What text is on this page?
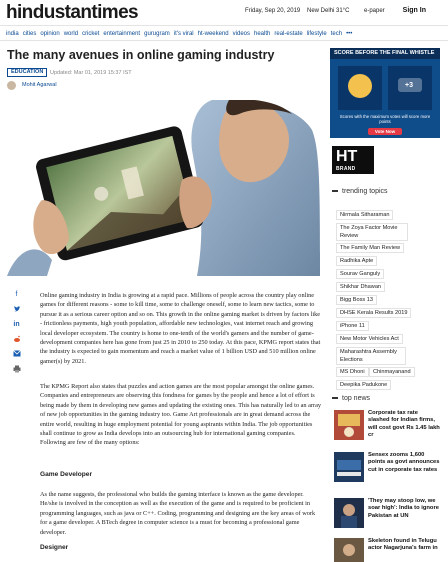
hindustantimes	Friday, Sep 20, 2019 New Delhi 31°C e-paper	Sign In
india cities opinion world cricket entertainment gurugram it's viral ht-weekend videos health real-estate lifestyle tech •••
The many avenues in online gaming industry
EDUCATION	Updated: Mar 01, 2019 15:37 IST
Mohit Agarwal
f
in

Online gaming industry in India is growing at a rapid pace. Millions of people across the country play online games for different reasons - some to kill time, some to challenge oneself, some to learn new tactics, some to pursue it as a serious career option and so on. This growth in the online gaming market is driven by factors like - frictionless payments, high youth population, affordable new technologies, vast internet reach and growing local developer ecosystem. The country is home to one-tenth of the world's gamers and the number of game-development companies here has gone from just 25 in 2010 to 250 today. At this pace, KPMG report states that the industry is expected to gain momentum and reach a market value of 1 billion USD and 510 million online gamer(s) by 2021.

The KPMG Report also states that puzzles and action games are the most popular amongst the online games. Companies and entrepreneurs are observing this fondness for games by the people and hence a lot of effort is being made by them in developing new games and updating the existing ones. This has naturally led to an array of new job opportunities in the gaming industry too. Game Art professionals are in great demand across the entire world, resulting in huge employment potential for young aspirants within India. The job opportunities shall continue to grow as India develops into an outsourcing hub for international gaming companies. Following are few of the many options:

Game Developer

As the name suggests, the professional who builds the gaming interface is known as the game developer. He/she is involved in the conception as well as the execution of the game and is required to be proficient in programming languages, such as java or C++. Coding, programming and designing are the key areas of work for a game developer. A BTech degree in computer science is a must for becoming a professional game developer.

Designer
SCORE BEFORE THE FINAL WHISTLE
+3
Scores with the maximum votes will score more points
Vote Now
HT
BRAND
trending topics
Nirmala Sitharaman
The Zoya Factor Movie Review
The Family Man Review
Radhika Apte
Sourav Ganguly
Shikhar Dhawan
Bigg Boss 13
DHSE Kerala Results 2019
iPhone 11
New Motor Vehicles Act
Maharashtra Assembly Elections
MS Dhoni	Chinmayanand
Deepika Padukone
top news
Corporate tax rate slashed for Indian firms, will cost govt Rs 1.45 lakh cr
Sensex zooms 1,600 points as govt announces cut in corporate tax rates
'They may stoop low, we soar high': India to ignore Pakistan at UN
Skeleton found in Telugu actor Nagarjuna's farm in
